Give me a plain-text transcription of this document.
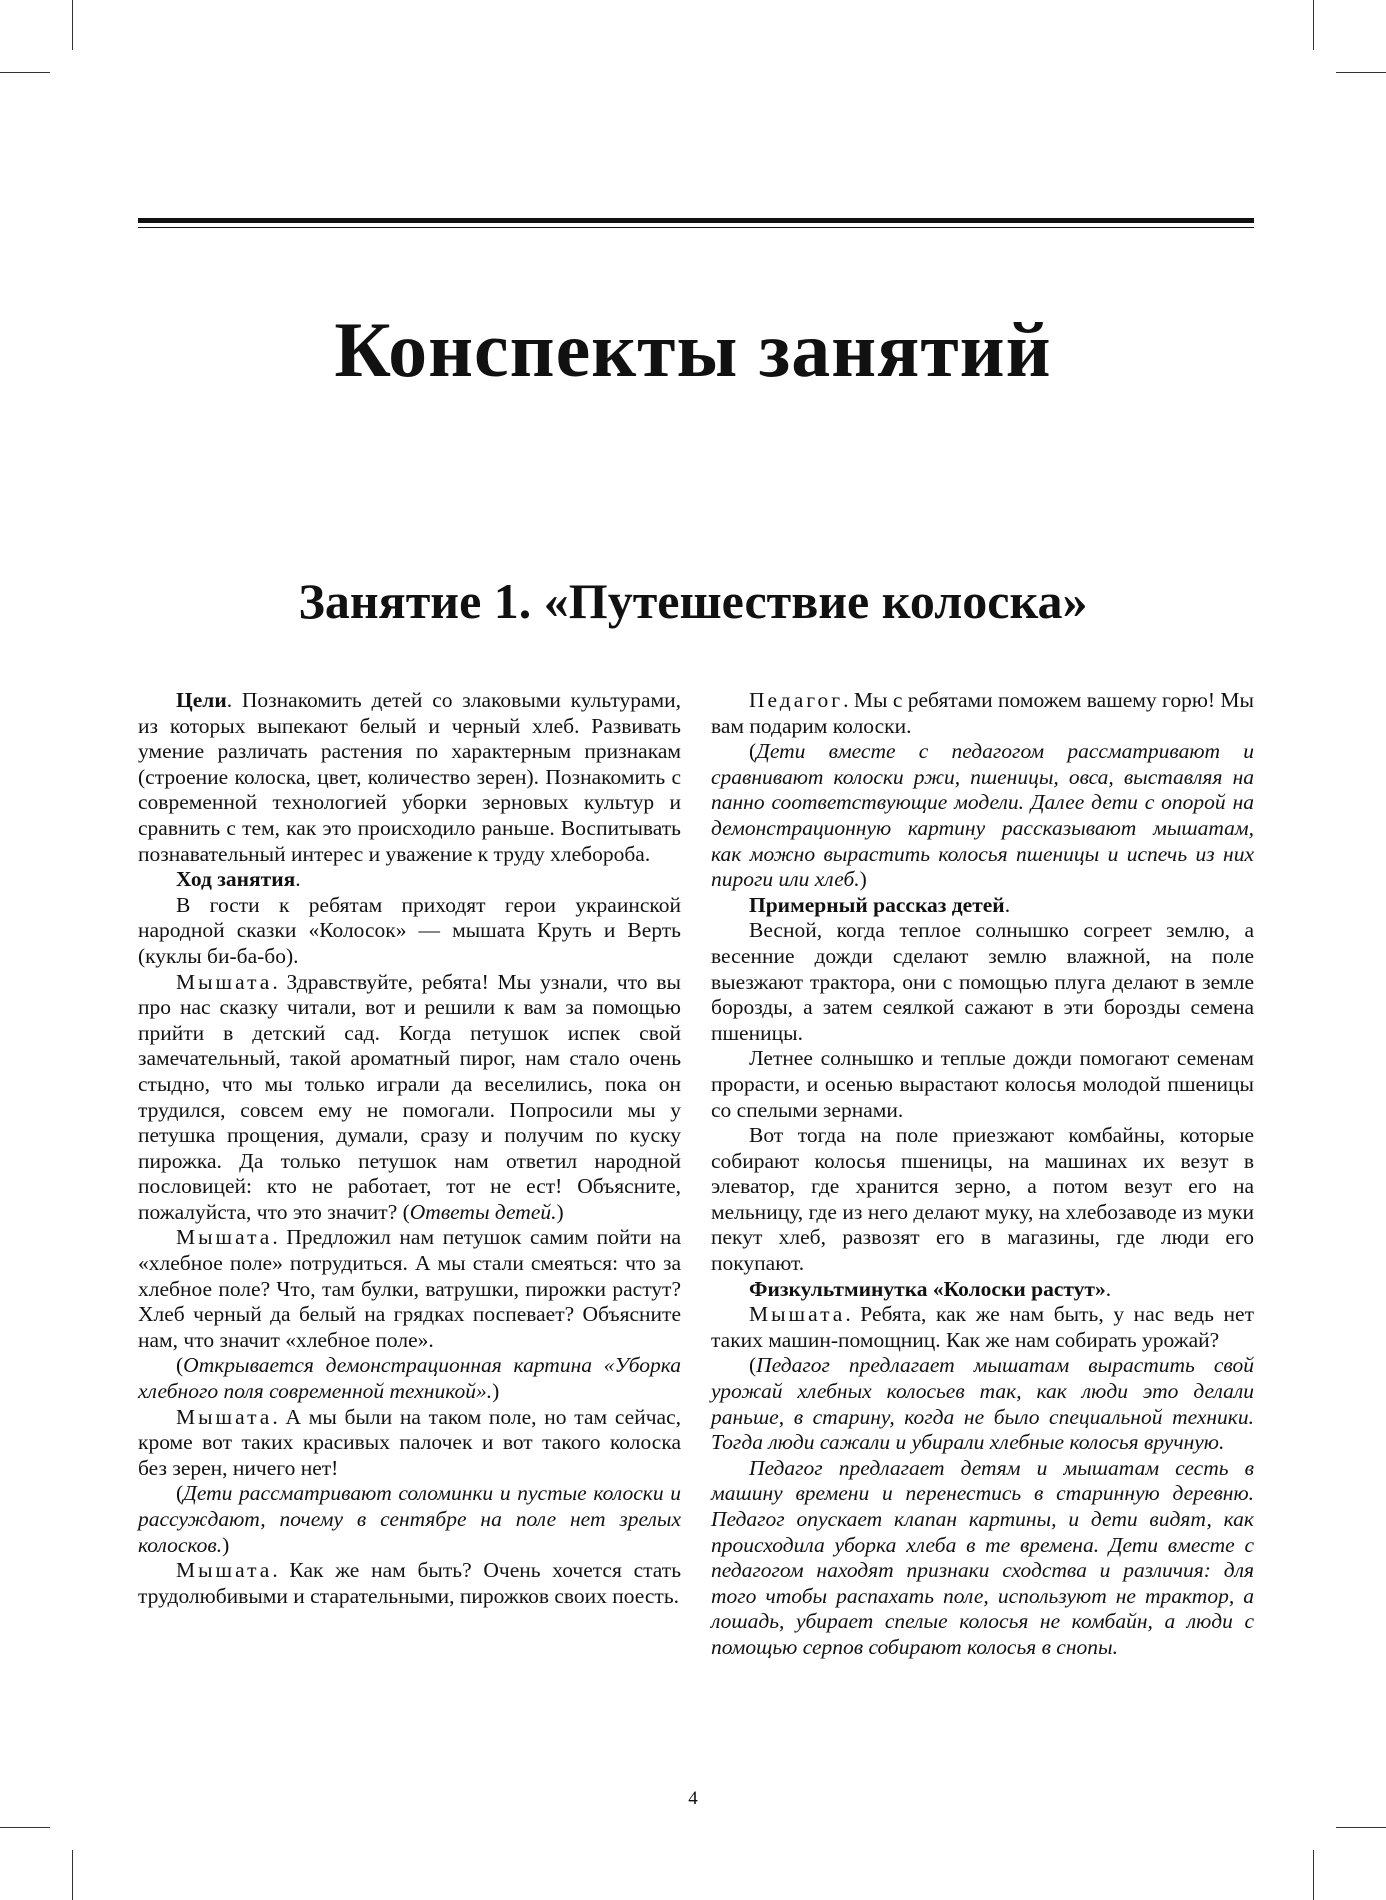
Конспекты занятий
Занятие 1. «Путешествие колоска»

Цели. Познакомить детей со злаковыми культурами, из которых выпекают белый и черный хлеб. Развивать умение различать растения по характерным признакам (строение колоска, цвет, количество зерен). Познакомить с современной технологией уборки зерновых культур и сравнить с тем, как это происходило раньше. Воспитывать познавательный интерес и уважение к труду хлебороба.

Ход занятия.

В гости к ребятам приходят герои украинской народной сказки «Колосок» — мышата Круть и Верть (куклы би-ба-бо).

Мышата. Здравствуйте, ребята! Мы узнали, что вы про нас сказку читали, вот и решили к вам за помощью прийти в детский сад. Когда петушок испек свой замечательный, такой ароматный пирог, нам стало очень стыдно, что мы только играли да веселились, пока он трудился, совсем ему не помогали. Попросили мы у петушка прощения, думали, сразу и получим по куску пирожка. Да только петушок нам ответил народной пословицей: кто не работает, тот не ест! Объясните, пожалуйста, что это значит? (Ответы детей.)

Мышата. Предложил нам петушок самим пойти на «хлебное поле» потрудиться. А мы стали смеяться: что за хлебное поле? Что, там булки, ватрушки, пирожки растут? Хлеб черный да белый на грядках поспевает? Объясните нам, что значит «хлебное поле».

(Открывается демонстрационная картина «Уборка хлебного поля современной техникой».)

Мышата. А мы были на таком поле, но там сейчас, кроме вот таких красивых палочек и вот такого колоска без зерен, ничего нет!

(Дети рассматривают соломинки и пустые колоски и рассуждают, почему в сентябре на поле нет зрелых колосков.)

Мышата. Как же нам быть? Очень хочется стать трудолюбивыми и старательными, пирожков своих поесть.

Педагог. Мы с ребятами поможем вашему горю! Мы вам подарим колоски.

(Дети вместе с педагогом рассматривают и сравнивают колоски ржи, пшеницы, овса, выставляя на панно соответствующие модели. Далее дети с опорой на демонстрационную картину рассказывают мышатам, как можно вырастить колосья пшеницы и испечь из них пироги или хлеб.)

Примерный рассказ детей.

Весной, когда теплое солнышко согреет землю, а весенние дожди сделают землю влажной, на поле выезжают трактора, они с помощью плуга делают в земле борозды, а затем сеялкой сажают в эти борозды семена пшеницы.

Летнее солнышко и теплые дожди помогают семенам прорасти, и осенью вырастают колосья молодой пшеницы со спелыми зернами.

Вот тогда на поле приезжают комбайны, которые собирают колосья пшеницы, на машинах их везут в элеватор, где хранится зерно, а потом везут его на мельницу, где из него делают муку, на хлебозаводе из муки пекут хлеб, развозят его в магазины, где люди его покупают.

Физкультминутка «Колоски растут».

Мышата. Ребята, как же нам быть, у нас ведь нет таких машин-помощниц. Как же нам собирать урожай?

(Педагог предлагает мышатам вырастить свой урожай хлебных колосьев так, как люди это делали раньше, в старину, когда не было специальной техники. Тогда люди сажали и убирали хлебные колосья вручную.

Педагог предлагает детям и мышатам сесть в машину времени и перенестись в старинную деревню. Педагог опускает клапан картины, и дети видят, как происходила уборка хлеба в те времена. Дети вместе с педагогом находят признаки сходства и различия: для того чтобы распахать поле, используют не трактор, а лошадь, убирает спелые колосья не комбайн, а люди с помощью серпов собирают колосья в снопы.

4
